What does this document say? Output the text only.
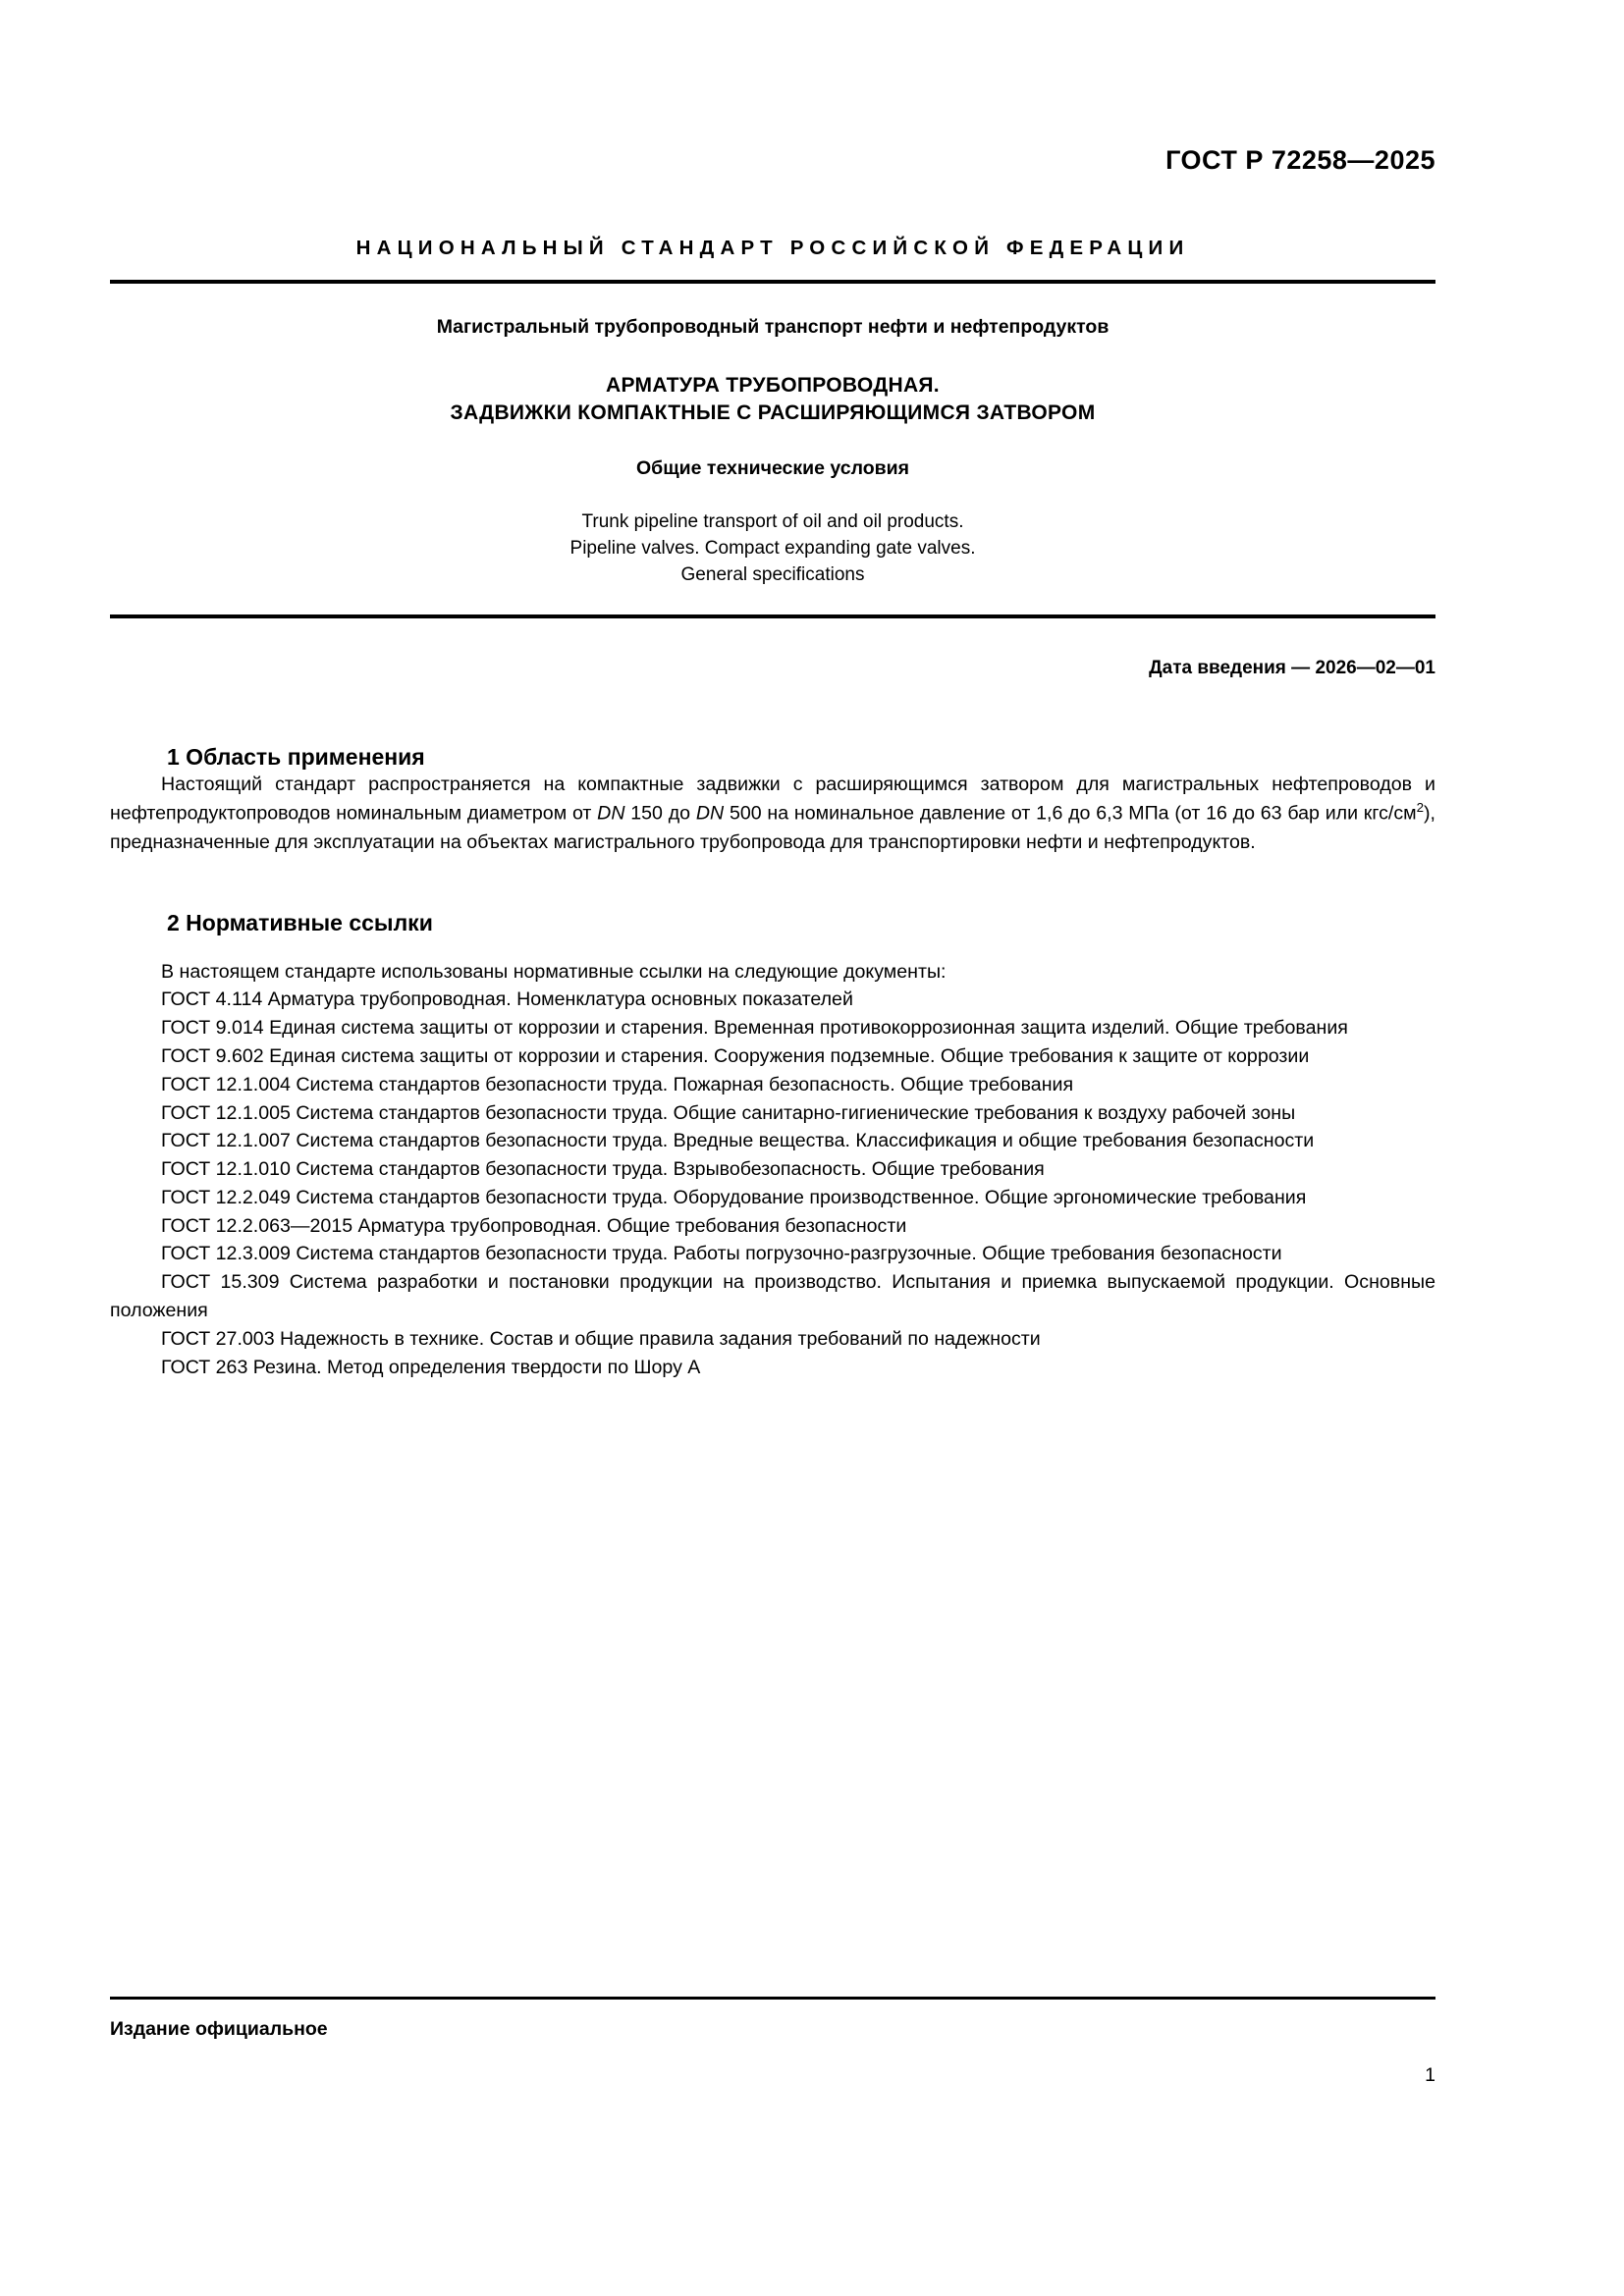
ГОСТ Р 72258—2025
НАЦИОНАЛЬНЫЙ СТАНДАРТ РОССИЙСКОЙ ФЕДЕРАЦИИ
Магистральный трубопроводный транспорт нефти и нефтепродуктов
АРМАТУРА ТРУБОПРОВОДНАЯ.
ЗАДВИЖКИ КОМПАКТНЫЕ С РАСШИРЯЮЩИМСЯ ЗАТВОРОМ
Общие технические условия
Trunk pipeline transport of oil and oil products.
Pipeline valves. Compact expanding gate valves.
General specifications
Дата введения — 2026—02—01
1 Область применения

Настоящий стандарт распространяется на компактные задвижки с расширяющимся затвором для магистральных нефтепроводов и нефтепродуктопроводов номинальным диаметром от DN 150 до DN 500 на номинальное давление от 1,6 до 6,3 МПа (от 16 до 63 бар или кгс/$см^2$), предназначенные для эксплуатации на объектах магистрального трубопровода для транспортировки нефти и нефтепродуктов.

2 Нормативные ссылки

В настоящем стандарте использованы нормативные ссылки на следующие документы:

ГОСТ 4.114 Арматура трубопроводная. Номенклатура основных показателей

ГОСТ 9.014 Единая система защиты от коррозии и старения. Временная противокоррозионная защита изделий. Общие требования

ГОСТ 9.602 Единая система защиты от коррозии и старения. Сооружения подземные. Общие требования к защите от коррозии

ГОСТ 12.1.004 Система стандартов безопасности труда. Пожарная безопасность. Общие требования

ГОСТ 12.1.005 Система стандартов безопасности труда. Общие санитарно-гигиенические требования к воздуху рабочей зоны

ГОСТ 12.1.007 Система стандартов безопасности труда. Вредные вещества. Классификация и общие требования безопасности

ГОСТ 12.1.010 Система стандартов безопасности труда. Взрывобезопасность. Общие требования

ГОСТ 12.2.049 Система стандартов безопасности труда. Оборудование производственное. Общие эргономические требования

ГОСТ 12.2.063—2015 Арматура трубопроводная. Общие требования безопасности

ГОСТ 12.3.009 Система стандартов безопасности труда. Работы погрузочно-разгрузочные. Общие требования безопасности

ГОСТ 15.309 Система разработки и постановки продукции на производство. Испытания и приемка выпускаемой продукции. Основные положения

ГОСТ 27.003 Надежность в технике. Состав и общие правила задания требований по надежности

ГОСТ 263 Резина. Метод определения твердости по Шору А

Издание официальное
1
